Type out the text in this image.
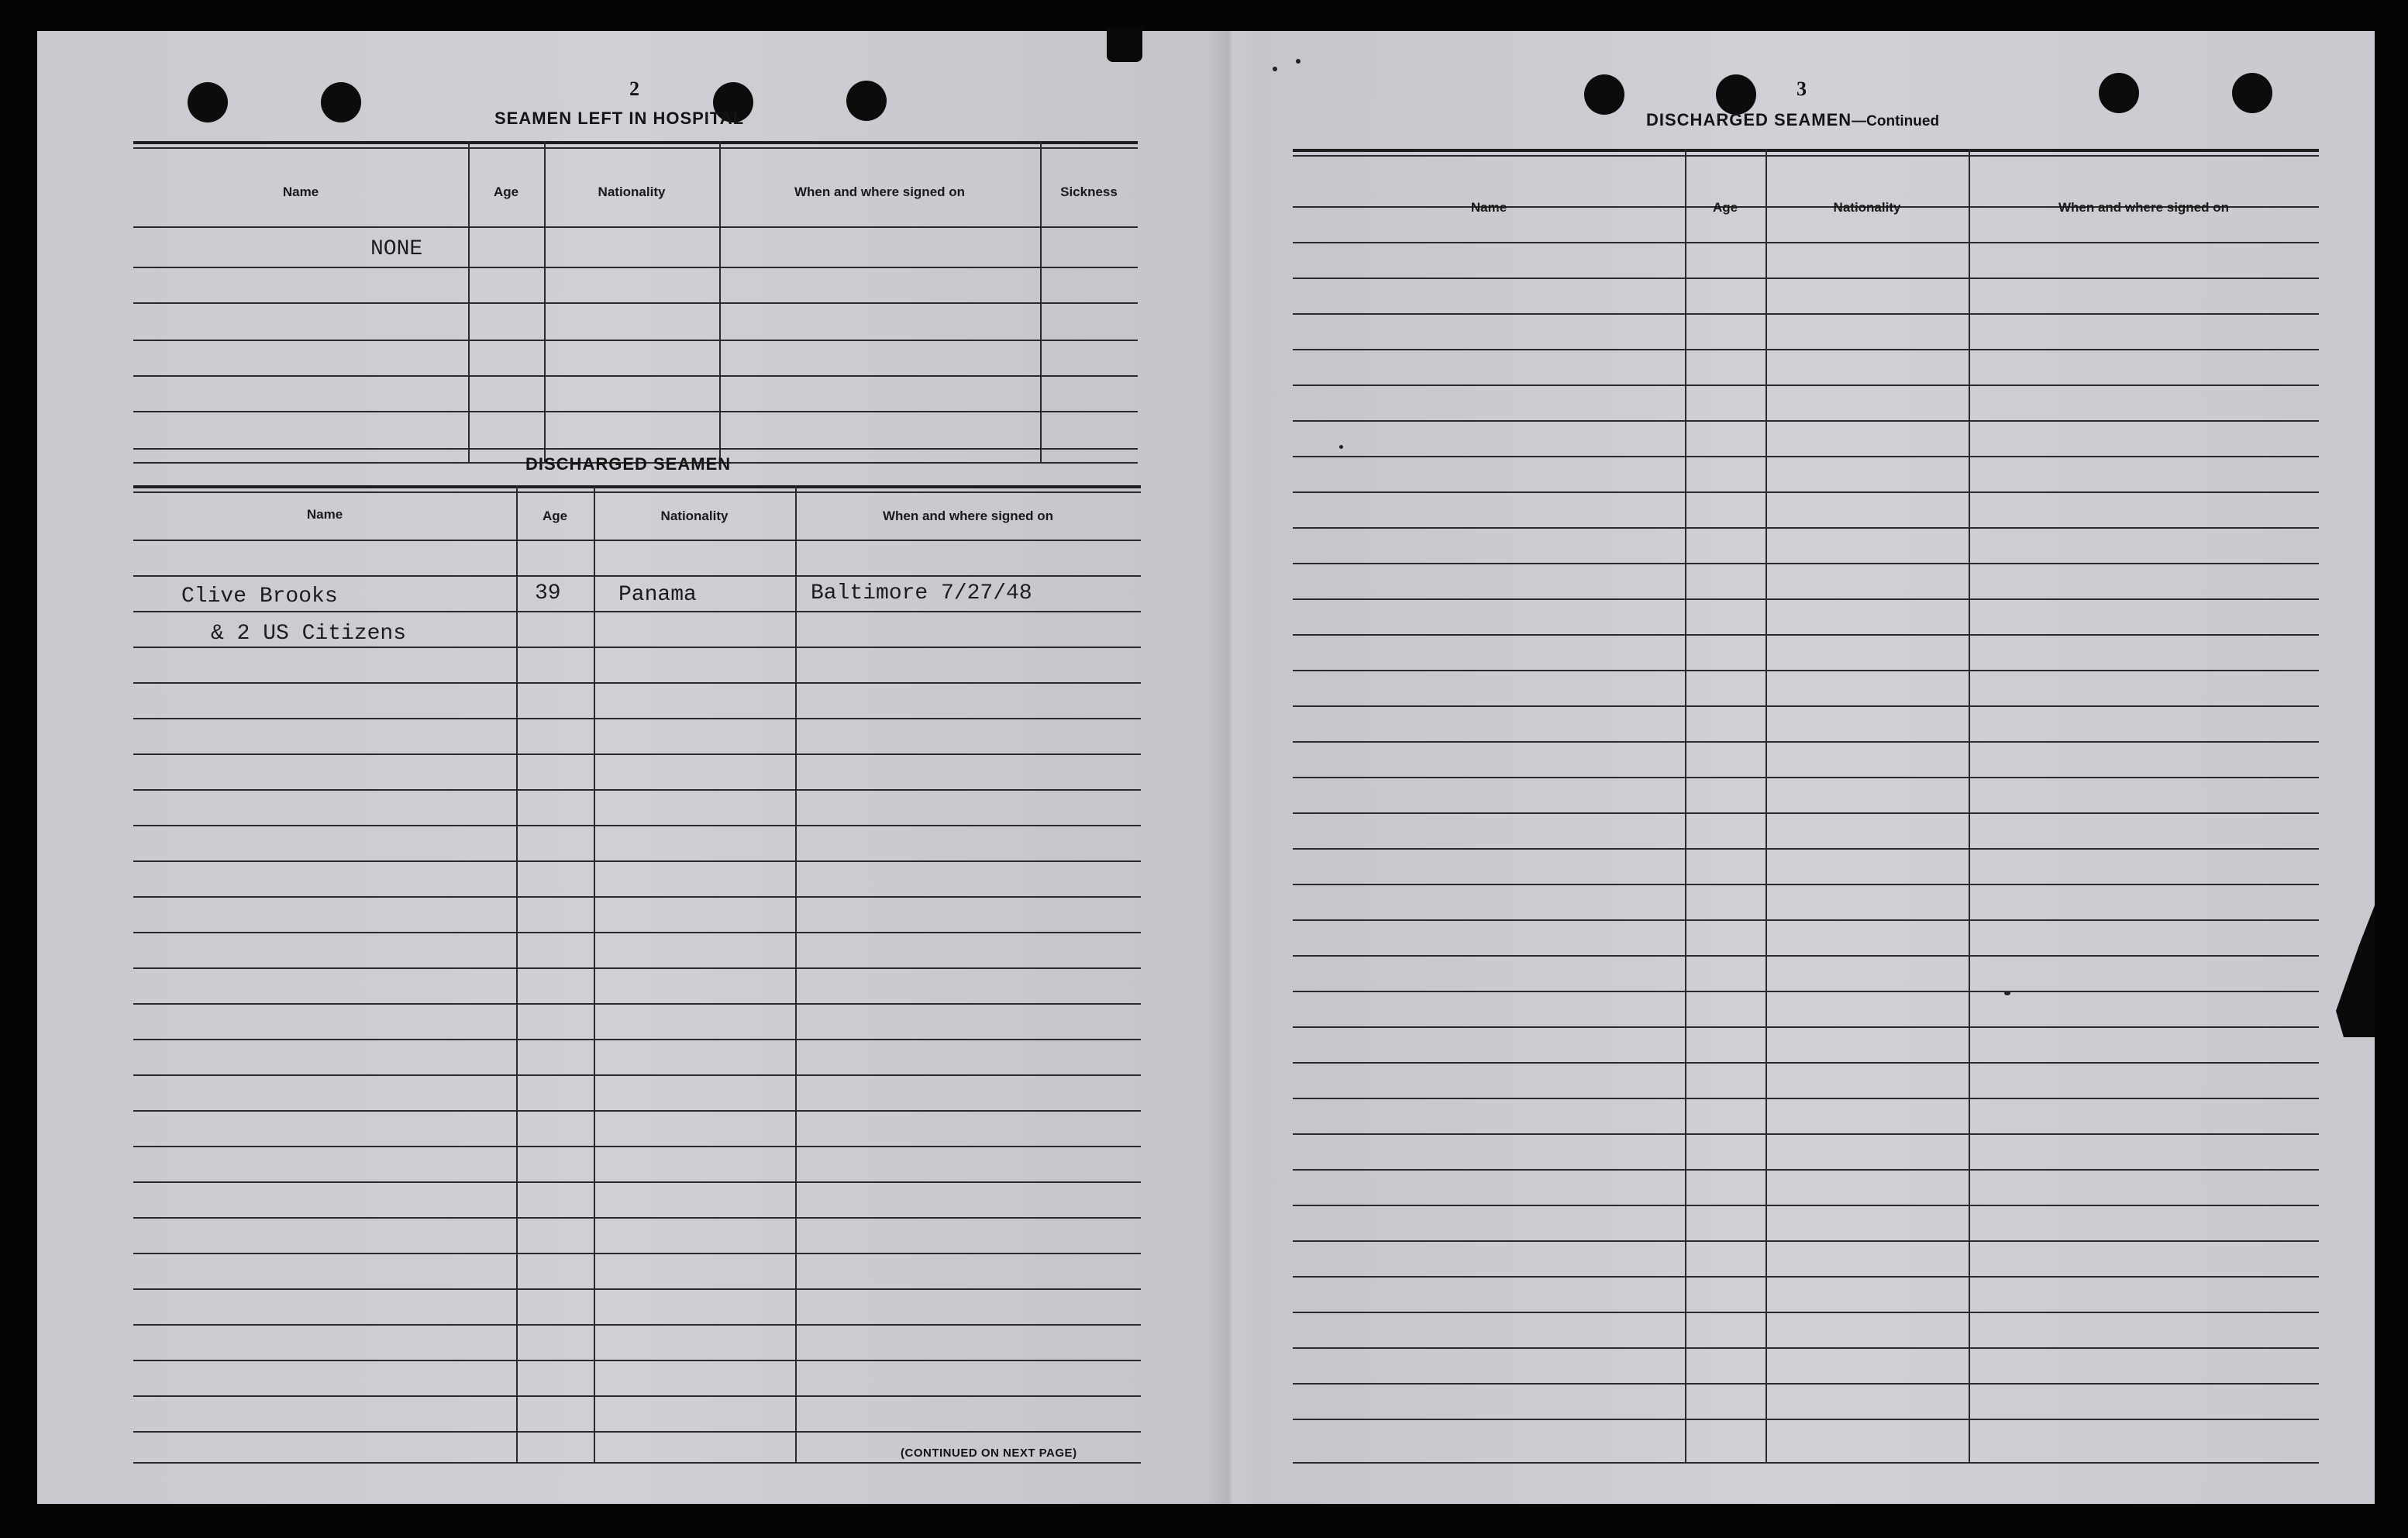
2
SEAMEN LEFT IN HOSPITAL
Name	Age	Nationality	When and where signed on	Sickness
NONE
DISCHARGED SEAMEN
Name	Age	Nationality	When and where signed on
Clive Brooks	39	Panama	Baltimore 7/27/48
& 2 US Citizens
(CONTINUED ON NEXT PAGE)
3
DISCHARGED SEAMEN—Continued
Name	Age	Nationality	When and where signed on
